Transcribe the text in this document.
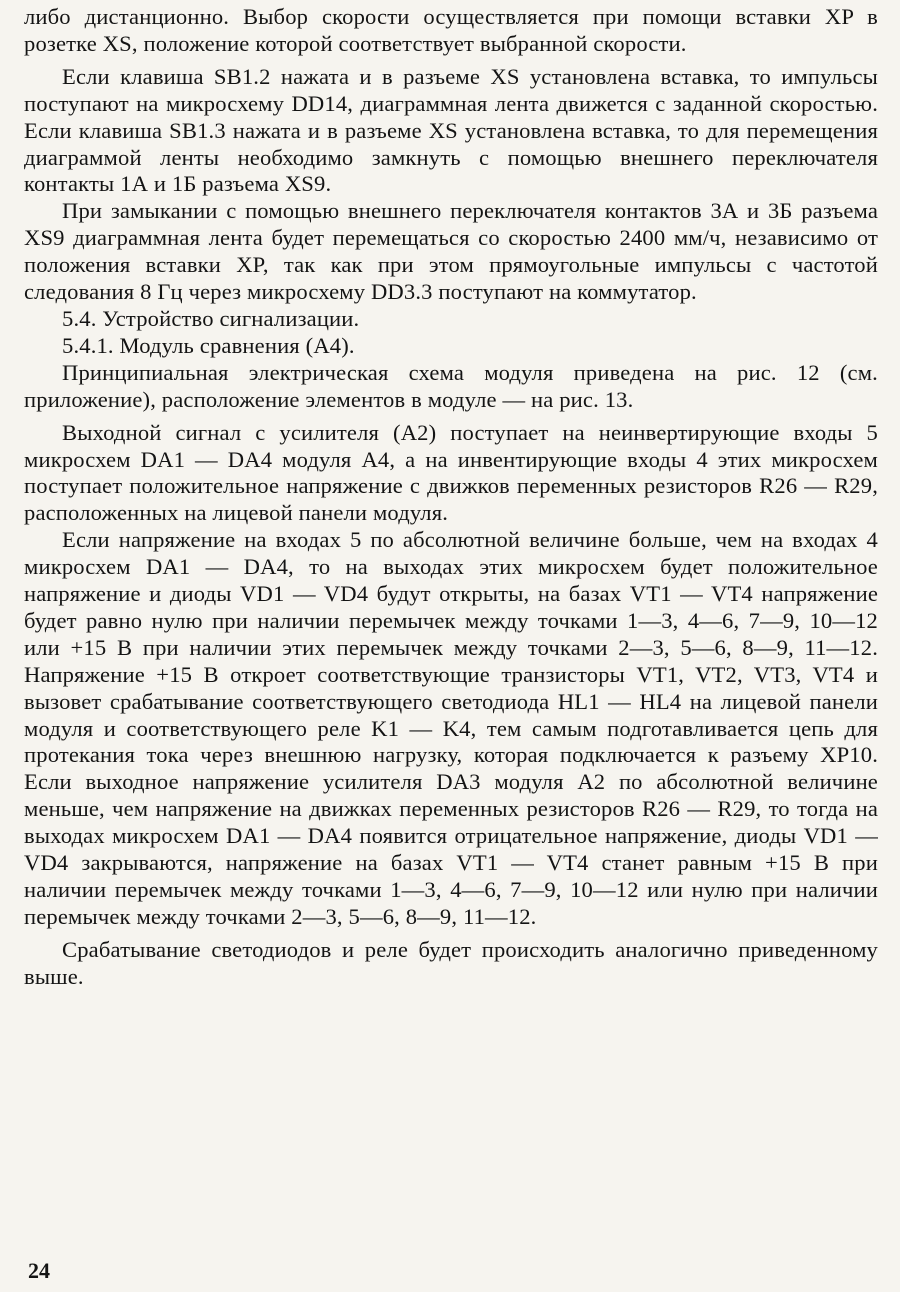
либо дистанционно. Выбор скорости осуществляется при помощи вставки XP в розетке XS, положение которой соответствует выбранной скорости.

Если клавиша SB1.2 нажата и в разъеме XS установлена вставка, то импульсы поступают на микросхему DD14, диаграммная лента движется с заданной скоростью. Если клавиша SB1.3 нажата и в разъеме XS установлена вставка, то для перемещения диаграммой ленты необходимо замкнуть с помощью внешнего переключателя контакты 1А и 1Б разъема XS9.

При замыкании с помощью внешнего переключателя контактов 3А и 3Б разъема XS9 диаграммная лента будет перемещаться со скоростью 2400 мм/ч, независимо от положения вставки XP, так как при этом прямоугольные импульсы с частотой следования 8 Гц через микросхему DD3.3 поступают на коммутатор.

5.4. Устройство сигнализации.

5.4.1. Модуль сравнения (А4).

Принципиальная электрическая схема модуля приведена на рис. 12 (см. приложение), расположение элементов в модуле — на рис. 13.

Выходной сигнал с усилителя (А2) поступает на неинвертирующие входы 5 микросхем DA1 — DA4 модуля А4, а на инвентирующие входы 4 этих микросхем поступает положительное напряжение с движков переменных резисторов R26 — R29, расположенных на лицевой панели модуля.

Если напряжение на входах 5 по абсолютной величине больше, чем на входах 4 микросхем DA1 — DA4, то на выходах этих микросхем будет положительное напряжение и диоды VD1 — VD4 будут открыты, на базах VT1 — VT4 напряжение будет равно нулю при наличии перемычек между точками 1—3, 4—6, 7—9, 10—12 или +15 В при наличии этих перемычек между точками 2—3, 5—6, 8—9, 11—12. Напряжение +15 В откроет соответствующие транзисторы VT1, VT2, VT3, VT4 и вызовет срабатывание соответствующего светодиода HL1 — HL4 на лицевой панели модуля и соответствующего реле K1 — K4, тем самым подготавливается цепь для протекания тока через внешнюю нагрузку, которая подключается к разъему XP10. Если выходное напряжение усилителя DA3 модуля А2 по абсолютной величине меньше, чем напряжение на движках переменных резисторов R26 — R29, то тогда на выходах микросхем DA1 — DA4 появится отрицательное напряжение, диоды VD1 — VD4 закрываются, напряжение на базах VT1 — VT4 станет равным +15 В при наличии перемычек между точками 1—3, 4—6, 7—9, 10—12 или нулю при наличии перемычек между точками 2—3, 5—6, 8—9, 11—12.

Срабатывание светодиодов и реле будет происходить аналогично приведенному выше.

24
